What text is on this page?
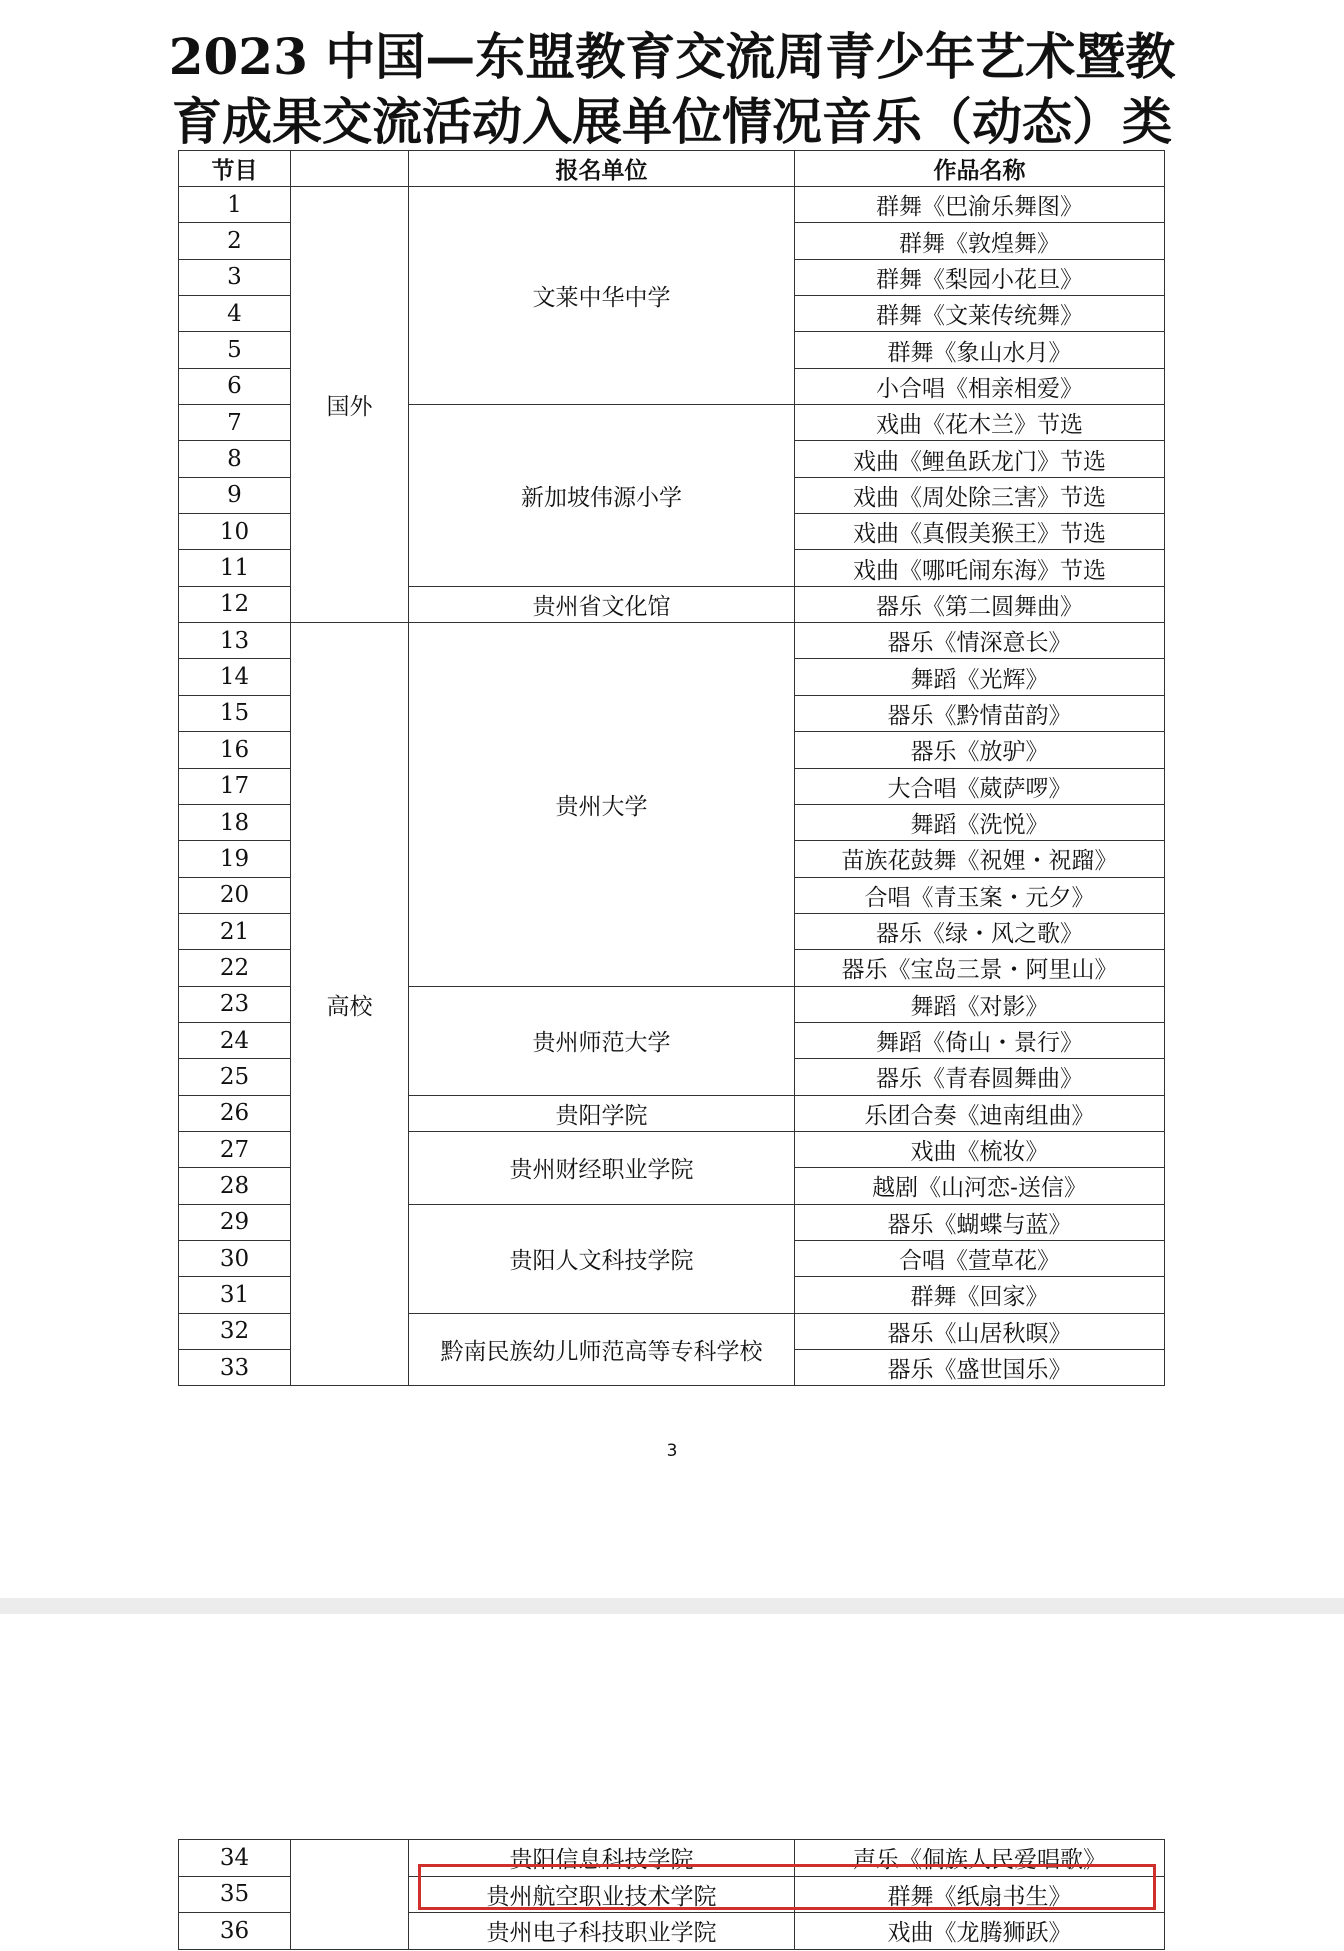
2023 中国—东盟教育交流周青少年艺术暨教
育成果交流活动入展单位情况音乐（动态）类
节目		报名单位	作品名称
1	国外	文莱中华中学	群舞《巴渝乐舞图》
2			群舞《敦煌舞》
3			群舞《梨园小花旦》
4			群舞《文莱传统舞》
5			群舞《象山水月》
6			小合唱《相亲相爱》
7		新加坡伟源小学	戏曲《花木兰》节选
8			戏曲《鲤鱼跃龙门》节选
9			戏曲《周处除三害》节选
10			戏曲《真假美猴王》节选
11			戏曲《哪吒闹东海》节选
12		贵州省文化馆	器乐《第二圆舞曲》
13	高校	贵州大学	器乐《情深意长》
14			舞蹈《光辉》
15			器乐《黔情苗韵》
16			器乐《放驴》
17			大合唱《葳萨啰》
18			舞蹈《洗悦》
19			苗族花鼓舞《祝娌・祝蹓》
20			合唱《青玉案・元夕》
21			器乐《绿・风之歌》
22			器乐《宝岛三景・阿里山》
23		贵州师范大学	舞蹈《对影》
24			舞蹈《倚山・景行》
25			器乐《青春圆舞曲》
26		贵阳学院	乐团合奏《迪南组曲》
27		贵州财经职业学院	戏曲《梳妆》
28			越剧《山河恋-送信》
29		贵阳人文科技学院	器乐《蝴蝶与蓝》
30			合唱《萱草花》
31			群舞《回家》
32		黔南民族幼儿师范高等专科学校	器乐《山居秋暝》
33			器乐《盛世国乐》
3
34		贵阳信息科技学院	声乐《侗族人民爱唱歌》
35		贵州航空职业技术学院	群舞《纸扇书生》
36		贵州电子科技职业学院	戏曲《龙腾狮跃》
